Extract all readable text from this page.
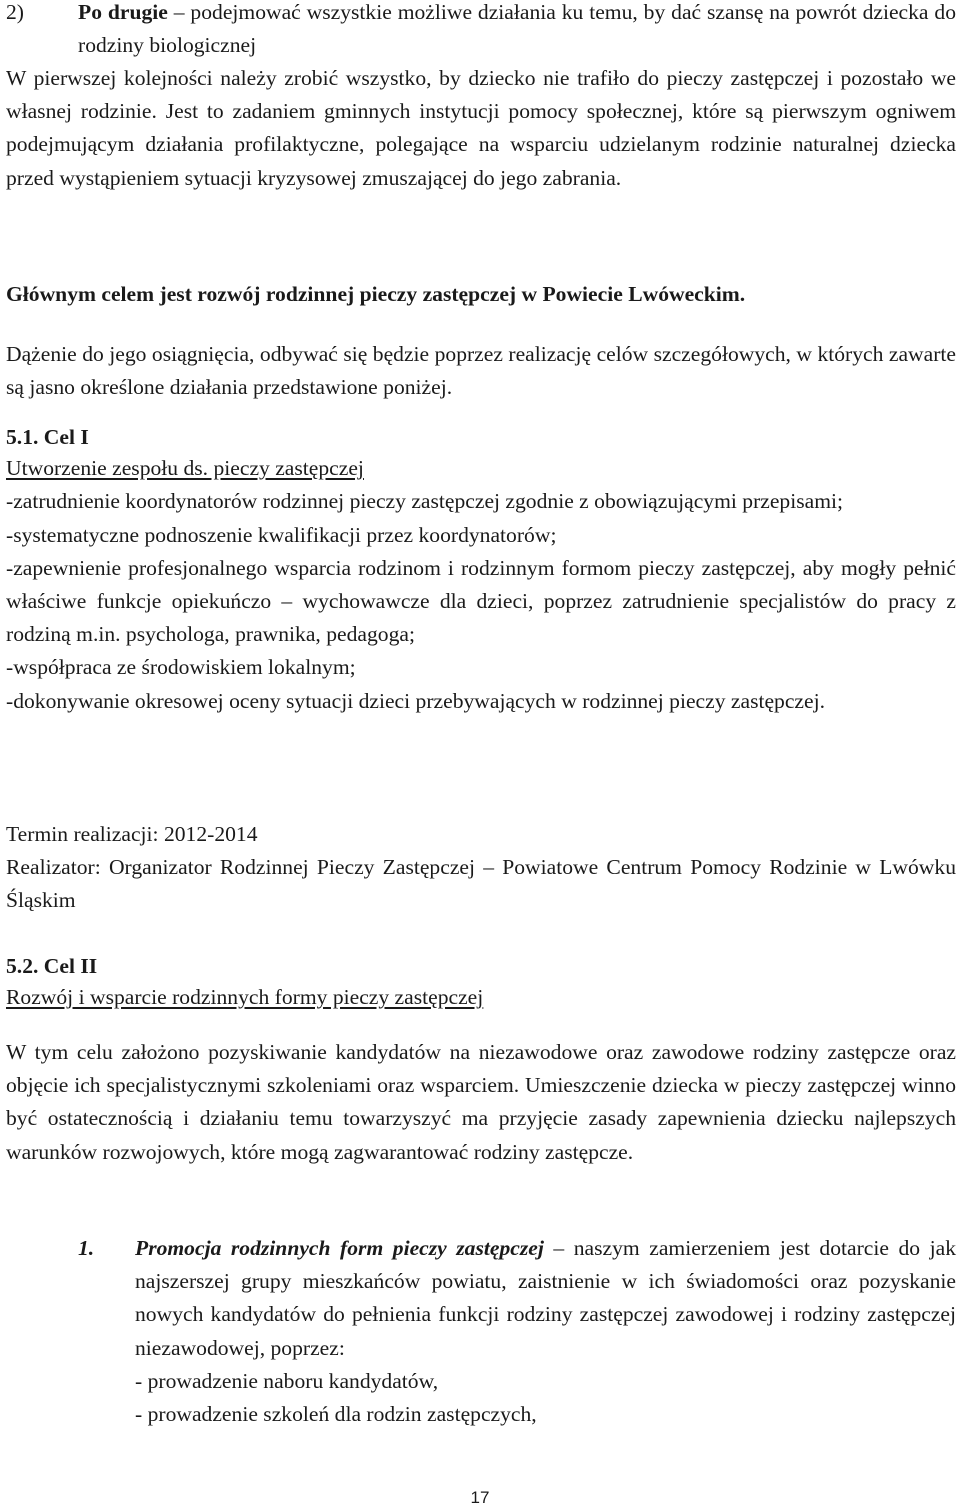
2)	Po drugie – podejmować wszystkie możliwe działania ku temu, by dać szansę na powrót dziecka do rodziny biologicznej

W pierwszej kolejności należy zrobić wszystko, by dziecko nie trafiło do pieczy zastępczej i pozostało we własnej rodzinie. Jest to zadaniem gminnych instytucji pomocy społecznej, które są pierwszym ogniwem podejmującym działania profilaktyczne, polegające na wsparciu udzielanym rodzinie naturalnej dziecka przed wystąpieniem sytuacji kryzysowej zmuszającej do jego zabrania.

Głównym celem jest rozwój rodzinnej pieczy zastępczej w Powiecie Lwóweckim.

Dążenie do jego osiągnięcia, odbywać się będzie poprzez realizację celów szczegółowych, w których zawarte są jasno określone działania przedstawione poniżej.

5.1. Cel I

Utworzenie zespołu ds. pieczy zastępczej

-zatrudnienie koordynatorów rodzinnej pieczy zastępczej zgodnie z obowiązującymi przepisami;

-systematyczne podnoszenie kwalifikacji przez koordynatorów;

-zapewnienie profesjonalnego wsparcia rodzinom i rodzinnym formom pieczy zastępczej, aby mogły pełnić właściwe funkcje opiekuńczo – wychowawcze dla dzieci, poprzez zatrudnienie specjalistów do pracy z rodziną m.in. psychologa, prawnika, pedagoga;

-współpraca ze środowiskiem lokalnym;

-dokonywanie okresowej oceny sytuacji dzieci przebywających w rodzinnej pieczy zastępczej.

Termin realizacji: 2012-2014

Realizator: Organizator Rodzinnej Pieczy Zastępczej – Powiatowe Centrum Pomocy Rodzinie w Lwówku Śląskim

5.2. Cel II

Rozwój i wsparcie rodzinnych formy pieczy zastępczej

W tym celu założono pozyskiwanie kandydatów na niezawodowe oraz zawodowe rodziny zastępcze oraz objęcie ich specjalistycznymi szkoleniami oraz wsparciem. Umieszczenie dziecka w pieczy zastępczej winno być ostatecznością i działaniu temu towarzyszyć ma przyjęcie zasady zapewnienia dziecku najlepszych warunków rozwojowych, które mogą zagwarantować rodziny zastępcze.

1. Promocja rodzinnych form pieczy zastępczej – naszym zamierzeniem jest dotarcie do jak najszerszej grupy mieszkańców powiatu, zaistnienie w ich świadomości oraz pozyskanie nowych kandydatów do pełnienia funkcji rodziny zastępczej zawodowej i rodziny zastępczej niezawodowej, poprzez:

- prowadzenie naboru kandydatów,

- prowadzenie szkoleń dla rodzin zastępczych,

17
